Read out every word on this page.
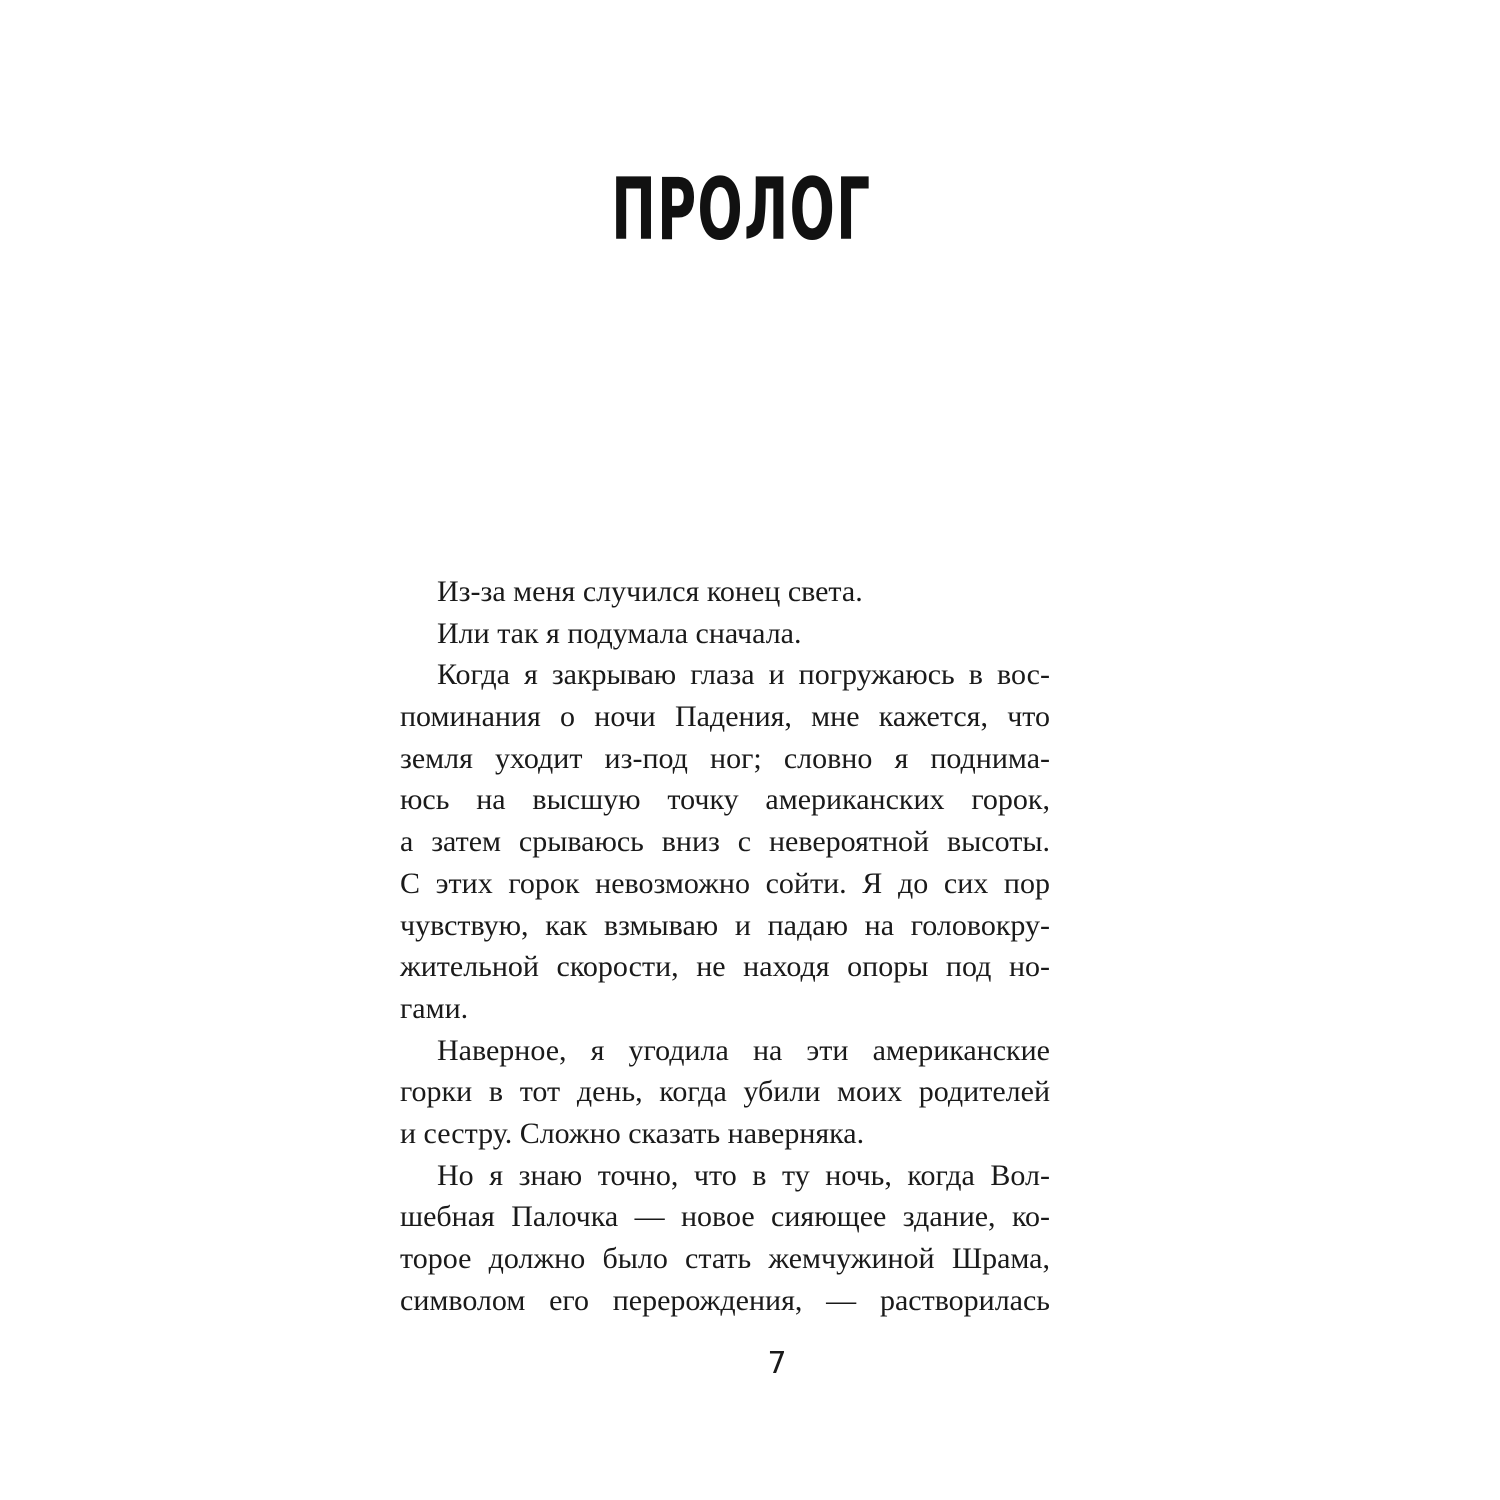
ПРОЛОГ
Из-за меня случился конец света.
Или так я подумала сначала.
Когда я закрываю глаза и погружаюсь в вос-
поминания о ночи Падения, мне кажется, что
земля уходит из-под ног; словно я поднима-
юсь на высшую точку американских горок,
а затем срываюсь вниз с невероятной высоты.
С этих горок невозможно сойти. Я до сих пор
чувствую, как взмываю и падаю на головокру-
жительной скорости, не находя опоры под но-
гами.
Наверное, я угодила на эти американские
горки в тот день, когда убили моих родителей
и сестру. Сложно сказать наверняка.
Но я знаю точно, что в ту ночь, когда Вол-
шебная Палочка — новое сияющее здание, ко-
торое должно было стать жемчужиной Шрама,
символом его перерождения, — растворилась
7
